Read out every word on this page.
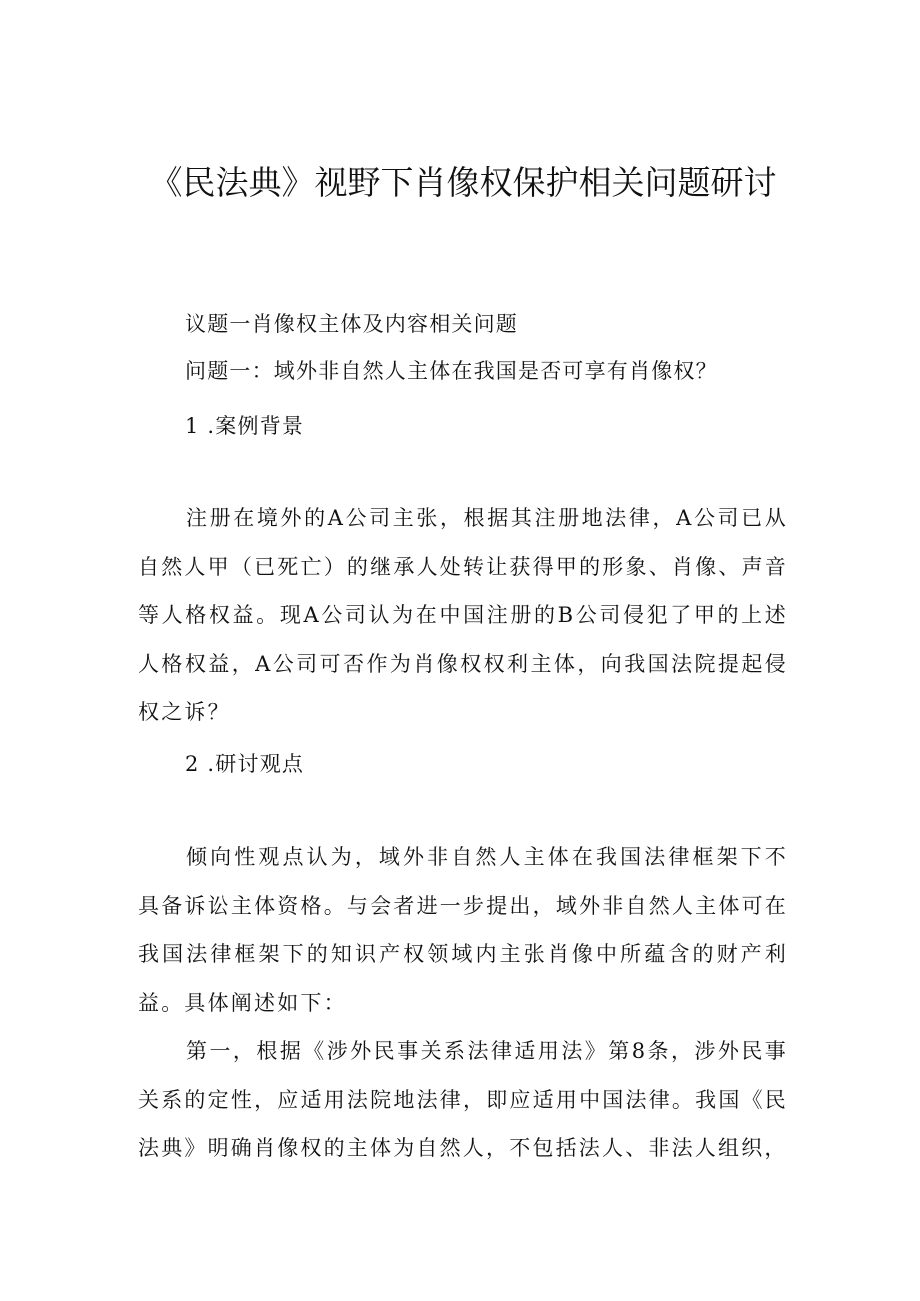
《民法典》视野下肖像权保护相关问题研讨

议题一肖像权主体及内容相关问题

问题一：域外非自然人主体在我国是否可享有肖像权？

1 .案例背景

注册在境外的A公司主张，根据其注册地法律，A公司已从自然人甲（已死亡）的继承人处转让获得甲的形象、肖像、声音等人格权益。现A公司认为在中国注册的B公司侵犯了甲的上述人格权益，A公司可否作为肖像权权利主体，向我国法院提起侵权之诉？

2 .研讨观点

倾向性观点认为，域外非自然人主体在我国法律框架下不具备诉讼主体资格。与会者进一步提出，域外非自然人主体可在我国法律框架下的知识产权领域内主张肖像中所蕴含的财产利益。具体阐述如下：

第一，根据《涉外民事关系法律适用法》第8条，涉外民事关系的定性，应适用法院地法律，即应适用中国法律。我国《民法典》明确肖像权的主体为自然人，不包括法人、非法人组织，
